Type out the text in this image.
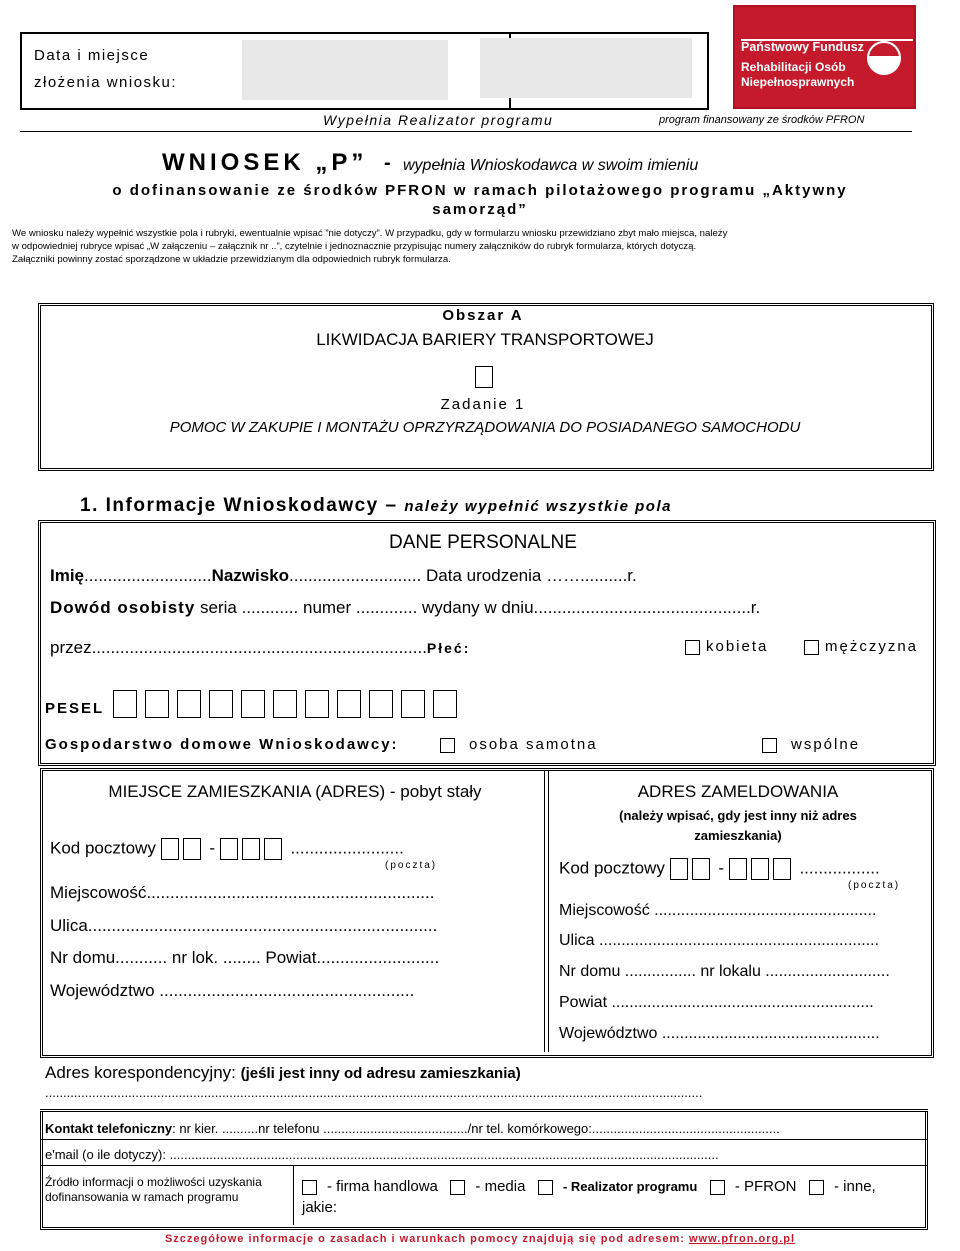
Data i miejsce
złożenia wniosku:
Państwowy Fundusz
Rehabilitacji Osób
Niepełnosprawnych
Wypełnia Realizator programu	program finansowany ze środków PFRON
WNIOSEK „P” - wypełnia Wnioskodawca w swoim imieniu
o dofinansowanie ze środków PFRON w ramach pilotażowego programu „Aktywny
samorząd”
We wniosku należy wypełnić wszystkie pola i rubryki, ewentualnie wpisać ”nie dotyczy”. W przypadku, gdy w formularzu wniosku przewidziano zbyt mało miejsca, należy
w odpowiedniej rubryce wpisać „W załączeniu – załącznik nr ..”, czytelnie i jednoznacznie przypisując numery załączników do rubryk formularza, których dotyczą.
Załączniki powinny zostać sporządzone w układzie przewidzianym dla odpowiednich rubryk formularza.
Obszar A
LIKWIDACJA BARIERY TRANSPORTOWEJ
Zadanie 1
POMOC W ZAKUPIE I MONTAŻU OPRZYRZĄDOWANIA DO POSIADANEGO SAMOCHODU
1. Informacje Wnioskodawcy – należy wypełnić wszystkie pola
DANE PERSONALNE
Imię...........................Nazwisko............................ Data urodzenia ……..........r.
Dowód osobisty seria ............ numer ............. wydany w dniu..............................................r.
przez.......................................................................Płeć:	kobieta	mężczyzna
PESEL
Gospodarstwo domowe Wnioskodawcy:	osoba samotna	wspólne
MIEJSCE ZAMIESZKANIA (ADRES) - pobyt stały
Kod pocztowy	-	........................
(poczta)
Miejscowość.............................................................
Ulica..........................................................................
Nr domu........... nr lok. ........ Powiat..........................
Województwo ......................................................
ADRES ZAMELDOWANIA
(należy wpisać, gdy jest inny niż adres
zamieszkania)
Kod pocztowy	-	.................
(poczta)
Miejscowość ..................................................
Ulica ...............................................................
Nr domu ................ nr lokalu ............................
Powiat ...........................................................
Województwo .................................................
Adres korespondencyjny: (jeśli jest inny od adresu zamieszkania)
......................................................................................................................................................................................
Kontakt telefoniczny: nr kier. ..........nr telefonu ......................................../nr tel. komórkowego:....................................................
e'mail (o ile dotyczy): ........................................................................................................................................................
Źródło informacji o możliwości uzyskania
dofinansowania w ramach programu
- firma handlowa	- media	- Realizator programu	- PFRON	- inne,
jakie:
Szczegółowe informacje o zasadach i warunkach pomocy znajdują się pod adresem: www.pfron.org.pl
